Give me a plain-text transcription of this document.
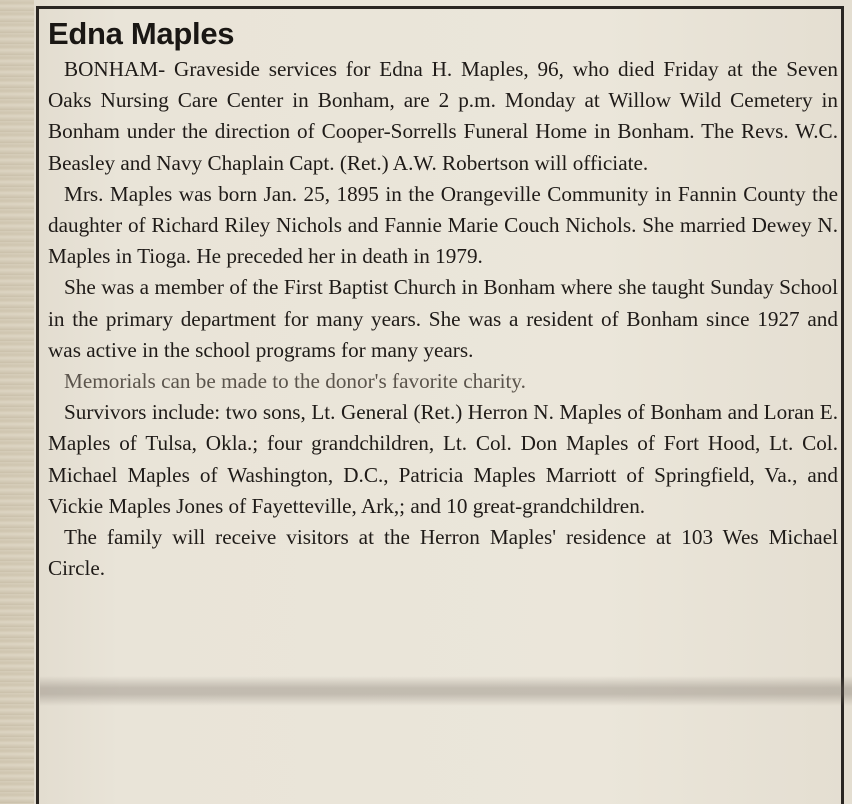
Edna Maples

BONHAM- Graveside services for Edna H. Maples, 96, who died Friday at the Seven Oaks Nursing Care Center in Bonham, are 2 p.m. Monday at Willow Wild Cemetery in Bonham under the direction of Cooper-Sorrells Funeral Home in Bonham. The Revs. W.C. Beasley and Navy Chaplain Capt. (Ret.) A.W. Robertson will officiate.

Mrs. Maples was born Jan. 25, 1895 in the Orangeville Community in Fannin County the daughter of Richard Riley Nichols and Fannie Marie Couch Nichols. She married Dewey N. Maples in Tioga. He preceded her in death in 1979.

She was a member of the First Baptist Church in Bonham where she taught Sunday School in the primary department for many years. She was a resident of Bonham since 1927 and was active in the school programs for many years.

Memorials can be made to the donor's favorite charity.

Survivors include: two sons, Lt. General (Ret.) Herron N. Maples of Bonham and Loran E. Maples of Tulsa, Okla.; four grandchildren, Lt. Col. Don Maples of Fort Hood, Lt. Col. Michael Maples of Washington, D.C., Patricia Maples Marriott of Springfield, Va., and Vickie Maples Jones of Fayetteville, Ark,; and 10 great-grandchildren.

The family will receive visitors at the Herron Maples' residence at 103 Wes Michael Circle.
